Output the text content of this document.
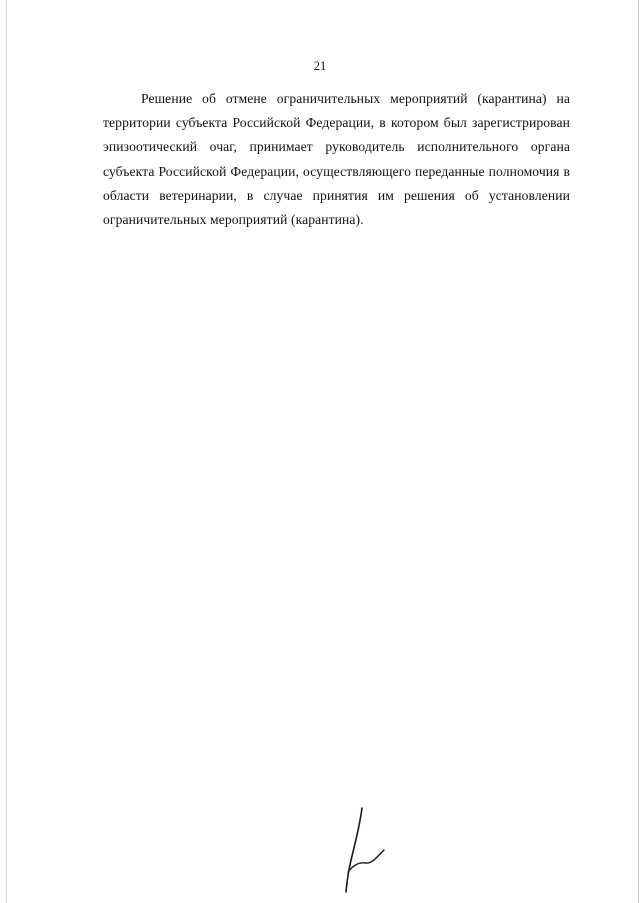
21

Решение об отмене ограничительных мероприятий (карантина) на территории субъекта Российской Федерации, в котором был зарегистрирован эпизоотический очаг, принимает руководитель исполнительного органа субъекта Российской Федерации, осуществляющего переданные полномочия в области ветеринарии, в случае принятия им решения об установлении ограничительных мероприятий (карантина).
